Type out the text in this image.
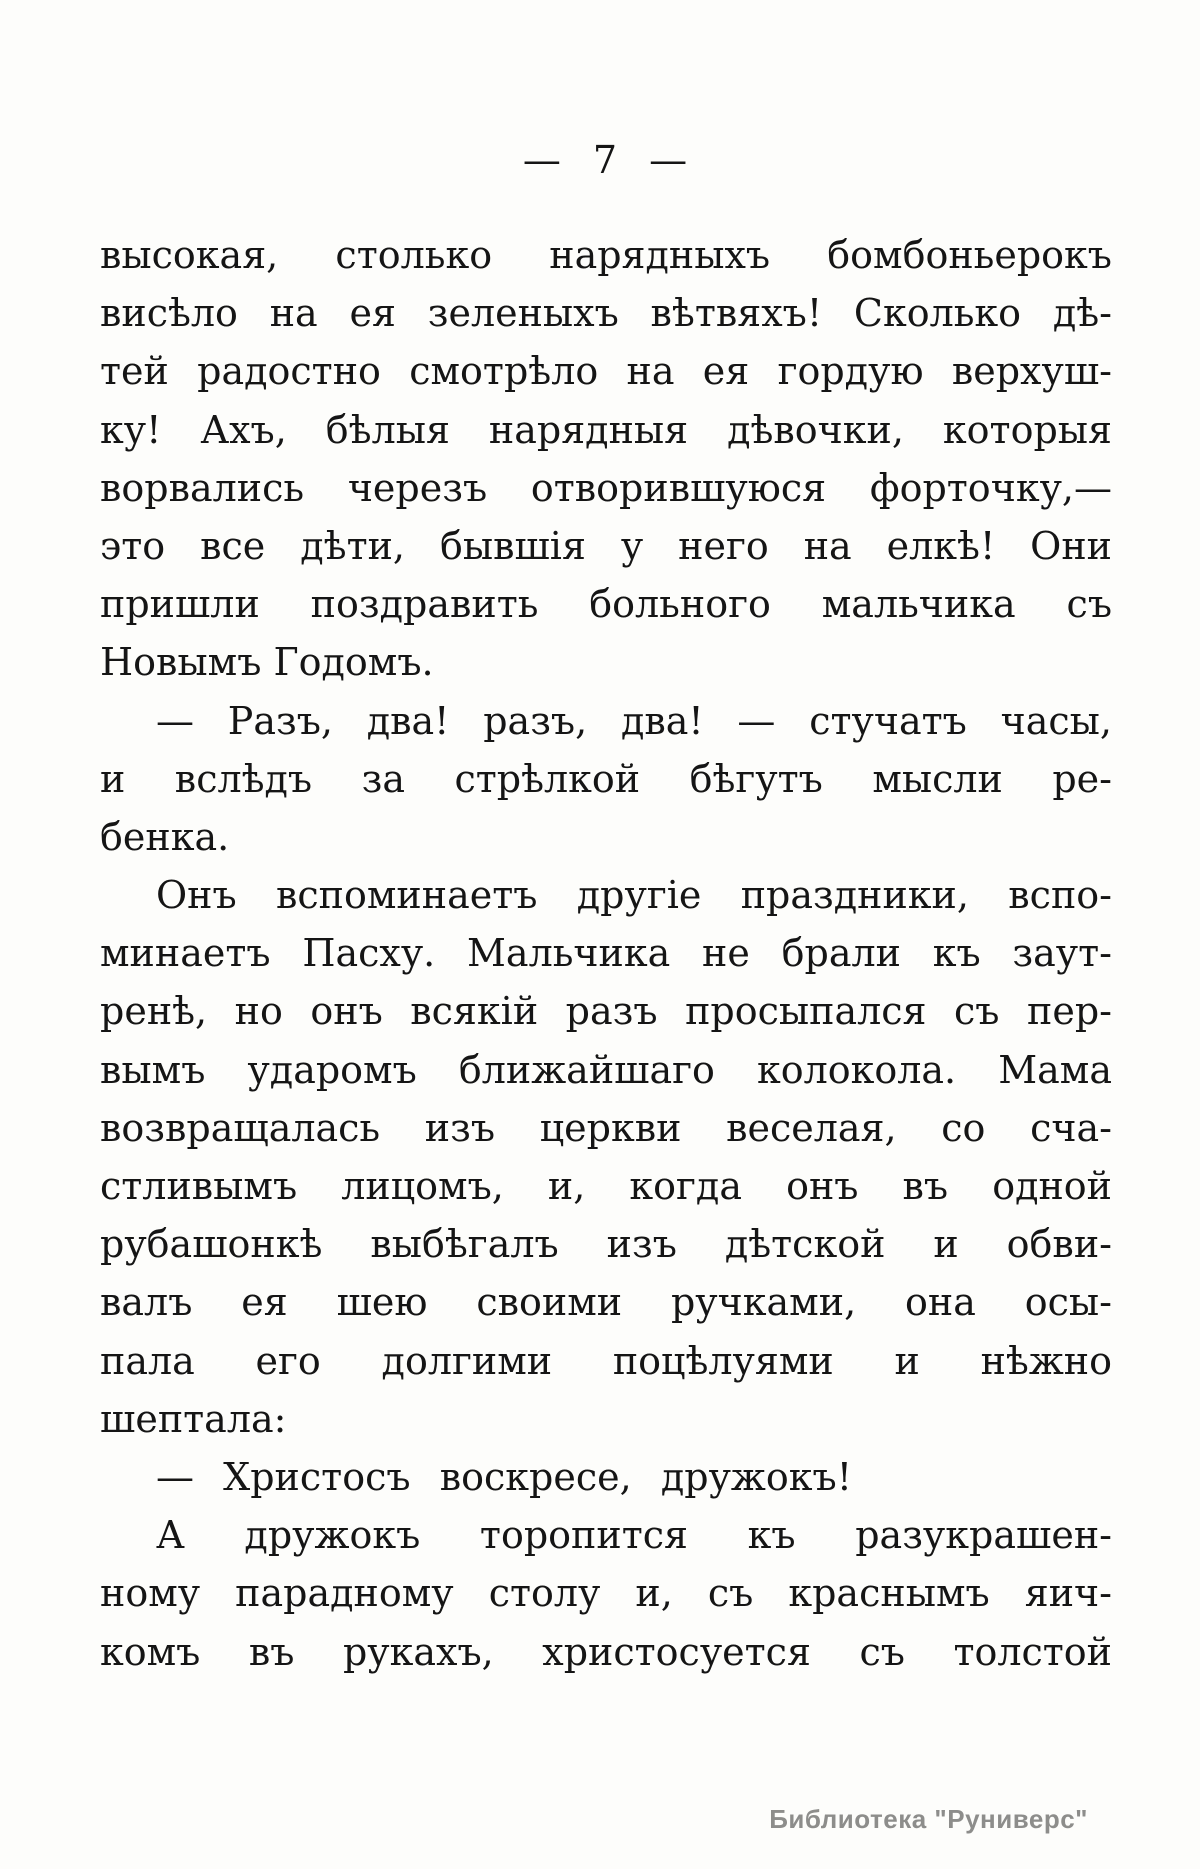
— 7 —
высокая, столько нарядныхъ бомбоньерокъ
висѣло на ея зеленыхъ вѣтвяхъ! Сколько дѣ-
тей радостно смотрѣло на ея гордую верхуш-
ку! Ахъ, бѣлыя нарядныя дѣвочки, которыя
ворвались черезъ отворившуюся форточку,—
это все дѣти, бывшія у него на елкѣ! Они
пришли поздравить больного мальчика съ
Новымъ Годомъ.
— Разъ, два! разъ, два! — стучатъ часы,
и вслѣдъ за стрѣлкой бѣгутъ мысли ре-
бенка.
Онъ вспоминаетъ другіе праздники, вспо-
минаетъ Пасху. Мальчика не брали къ заут-
ренѣ, но онъ всякій разъ просыпался съ пер-
вымъ ударомъ ближайшаго колокола. Мама
возвращалась изъ церкви веселая, со сча-
стливымъ лицомъ, и, когда онъ въ одной
рубашонкѣ выбѣгалъ изъ дѣтской и обви-
валъ ея шею своими ручками, она осы-
пала его долгими поцѣлуями и нѣжно
шептала:
— Христосъ воскресе, дружокъ!
А дружокъ торопится къ разукрашен-
ному парадному столу и, съ краснымъ яич-
комъ въ рукахъ, христосуется съ толстой
Библиотека "Руниверс"
